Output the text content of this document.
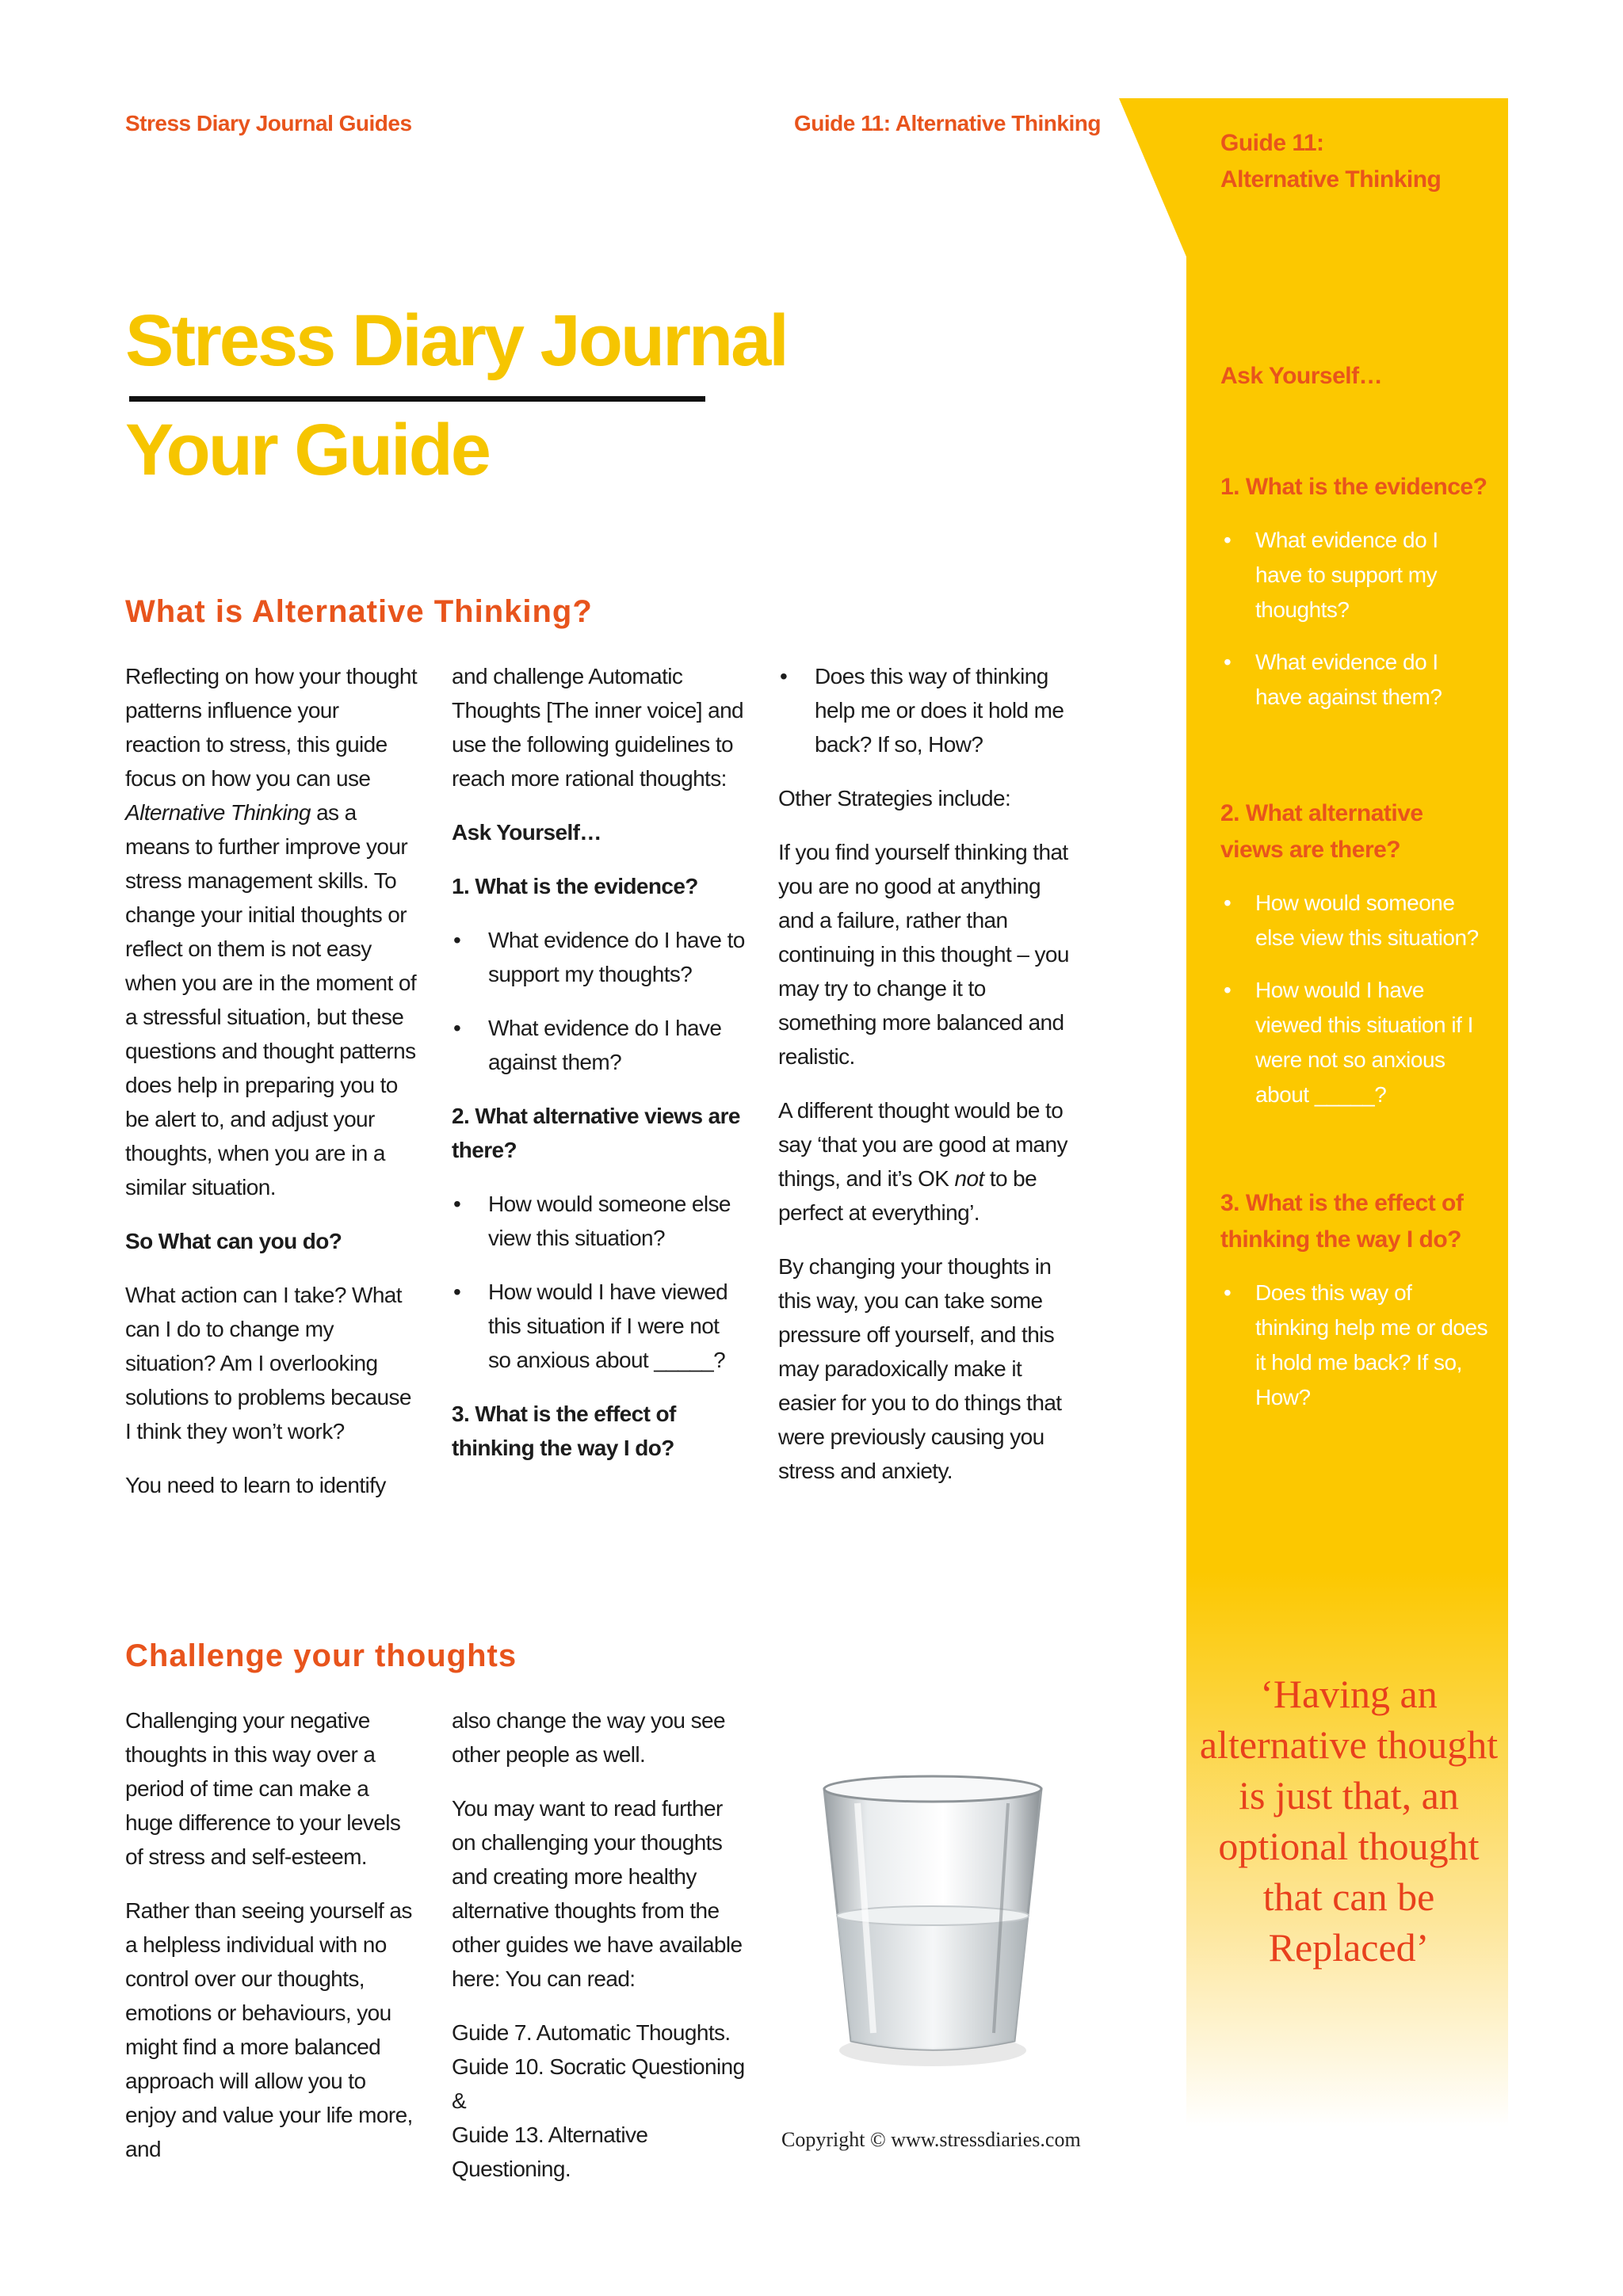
Stress Diary Journal Guides	Guide 11: Alternative Thinking
Guide 11:
Alternative Thinking
Ask Yourself…
1. What is the evidence?
• What evidence do I have to support my thoughts?
• What evidence do I have against them?
2. What alternative views are there?
• How would someone else view this situation?
• How would I have viewed this situation if I were not so anxious about _____?
3. What is the effect of thinking the way I do?
• Does this way of thinking help me or does it hold me back? If so, How?
‘Having an alternative thought is just that, an optional thought that can be Replaced’
Stress Diary Journal
Your Guide
What is Alternative Thinking?

Reflecting on how your thought patterns influence your reaction to stress, this guide focus on how you can use Alternative Thinking as a means to further improve your stress management skills. To change your initial thoughts or reflect on them is not easy when you are in the moment of a stressful situation, but these questions and thought patterns does help in preparing you to be alert to, and adjust your thoughts, when you are in a similar situation.

So What can you do?

What action can I take? What can I do to change my situation? Am I overlooking solutions to problems because I think they won’t work?

You need to learn to identify

and challenge Automatic Thoughts [The inner voice] and use the following guidelines to reach more rational thoughts:

Ask Yourself…

1. What is the evidence?

• What evidence do I have to support my thoughts?
• What evidence do I have against them?

2. What alternative views are there?

• How would someone else view this situation?
• How would I have viewed this situation if I were not so anxious about _____?

3. What is the effect of thinking the way I do?

• Does this way of thinking help me or does it hold me back? If so, How?

Other Strategies include:

If you find yourself thinking that you are no good at anything and a failure, rather than continuing in this thought – you may try to change it to something more balanced and realistic.

A different thought would be to say ‘that you are good at many things, and it’s OK not to be perfect at everything’.

By changing your thoughts in this way, you can take some pressure off yourself, and this may paradoxically make it easier for you to do things that were previously causing you stress and anxiety.

Challenge your thoughts

Challenging your negative thoughts in this way over a period of time can make a huge difference to your levels of stress and self-esteem.

Rather than seeing yourself as a helpless individual with no control over our thoughts, emotions or behaviours, you might find a more balanced approach will allow you to enjoy and value your life more, and

also change the way you see other people as well.

You may want to read further on challenging your thoughts and creating more healthy alternative thoughts from the other guides we have available here: You can read:

Guide 7. Automatic Thoughts.
Guide 10. Socratic Questioning &
Guide 13. Alternative Questioning.
Copyright © www.stressdiaries.com
